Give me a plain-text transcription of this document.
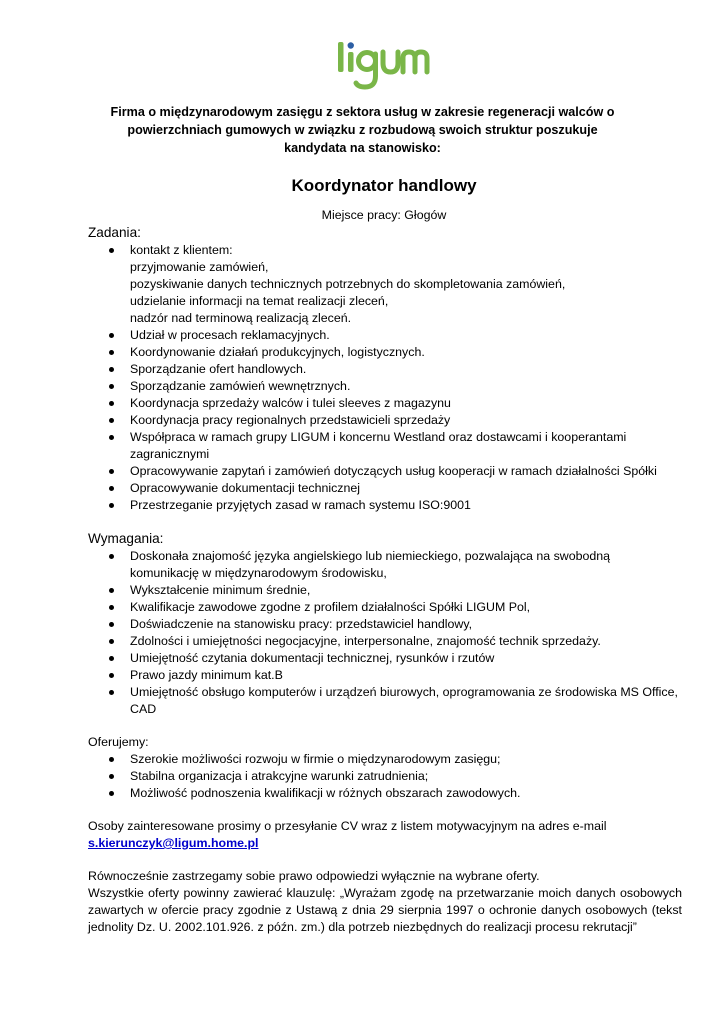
Firma o międzynarodowym zasięgu z sektora usług w zakresie regeneracji walców o powierzchniach gumowych w związku z rozbudową swoich struktur poszukuje kandydata na stanowisko:
Koordynator handlowy
Miejsce pracy: Głogów
Zadania:
kontakt z klientem:
przyjmowanie zamówień,
pozyskiwanie danych technicznych potrzebnych do skompletowania zamówień,
udzielanie informacji na temat realizacji zleceń,
nadzór nad terminową realizacją zleceń.
Udział w procesach reklamacyjnych.
Koordynowanie działań produkcyjnych, logistycznych.
Sporządzanie ofert handlowych.
Sporządzanie zamówień wewnętrznych.
Koordynacja sprzedaży walców i tulei sleeves z magazynu
Koordynacja pracy regionalnych przedstawicieli sprzedaży
Współpraca w ramach grupy LIGUM i koncernu Westland oraz dostawcami i kooperantami zagranicznymi
Opracowywanie zapytań i zamówień dotyczących usług kooperacji w ramach działalności Spółki
Opracowywanie dokumentacji technicznej
Przestrzeganie przyjętych zasad w ramach systemu ISO:9001
Wymagania:
Doskonała znajomość języka angielskiego lub niemieckiego, pozwalająca na swobodną komunikację w międzynarodowym środowisku,
Wykształcenie minimum średnie,
Kwalifikacje zawodowe zgodne z profilem działalności Spółki LIGUM Pol,
Doświadczenie na stanowisku pracy: przedstawiciel handlowy,
Zdolności i umiejętności negocjacyjne, interpersonalne, znajomość technik sprzedaży.
Umiejętność czytania dokumentacji technicznej, rysunków i rzutów
Prawo jazdy minimum kat.B
Umiejętność obsługo komputerów i urządzeń biurowych, oprogramowania ze środowiska MS Office, CAD
Oferujemy:
Szerokie możliwości rozwoju w firmie o międzynarodowym zasięgu;
Stabilna organizacja i atrakcyjne warunki zatrudnienia;
Możliwość podnoszenia kwalifikacji w różnych obszarach zawodowych.
Osoby zainteresowane prosimy o przesyłanie CV wraz z listem motywacyjnym na adres e-mail
s.kierunczyk@ligum.home.pl
Równocześnie zastrzegamy sobie prawo odpowiedzi wyłącznie na wybrane oferty.
Wszystkie oferty powinny zawierać klauzulę: „Wyrażam zgodę na przetwarzanie moich danych osobowych zawartych w ofercie pracy zgodnie z Ustawą z dnia 29 sierpnia 1997 o ochronie danych osobowych (tekst jednolity Dz. U. 2002.101.926. z późn. zm.) dla potrzeb niezbędnych do realizacji procesu rekrutacji”
